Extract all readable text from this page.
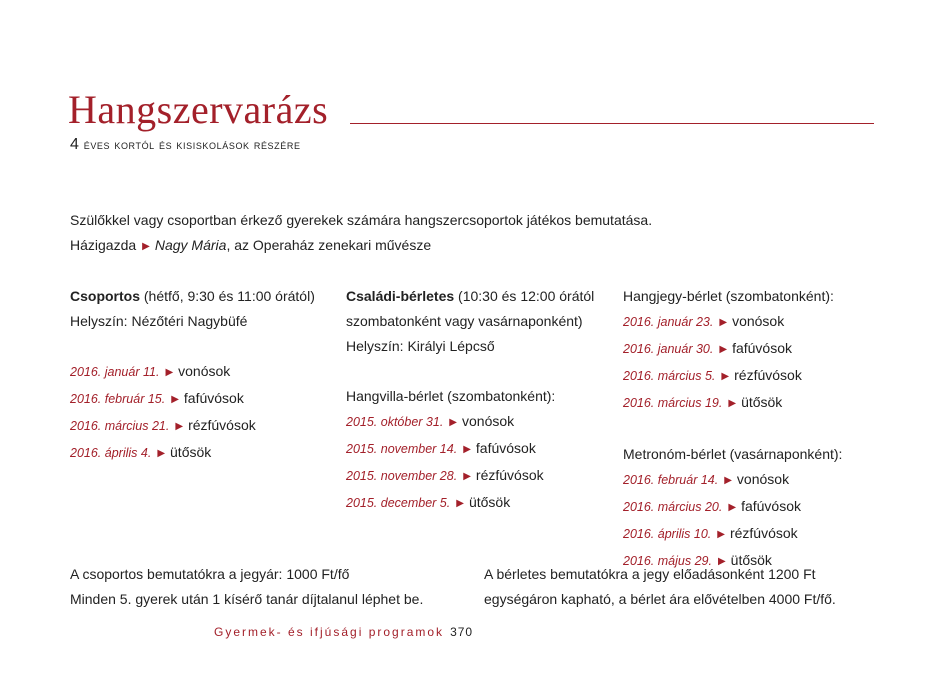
Hangszervarázs
4 éves kortól és kisiskolások részére
Szülőkkel vagy csoportban érkező gyerekek számára hangszercsoportok játékos bemutatása.
Házigazda ▶ Nagy Mária, az Operaház zenekari művésze
Csoportos (hétfő, 9:30 és 11:00 órától)
Helyszín: Nézőtéri Nagybüfé
2016. január 11. ▶ vonósok
2016. február 15. ▶ fafúvósok
2016. március 21. ▶ rézfúvósok
2016. április 4. ▶ ütősök
Családi-bérletes (10:30 és 12:00 órától
szombatonként vagy vasárnaponként)
Helyszín: Királyi Lépcső
Hangvilla-bérlet (szombatonként):
2015. október 31. ▶ vonósok
2015. november 14. ▶ fafúvósok
2015. november 28. ▶ rézfúvósok
2015. december 5. ▶ ütősök
Hangjegy-bérlet (szombatonként):
2016. január 23. ▶ vonósok
2016. január 30. ▶ fafúvósok
2016. március 5. ▶ rézfúvósok
2016. március 19. ▶ ütősök
Metronóm-bérlet (vasárnaponként):
2016. február 14. ▶ vonósok
2016. március 20. ▶ fafúvósok
2016. április 10. ▶ rézfúvósok
2016. május 29. ▶ ütősök
A csoportos bemutatókra a jegyár: 1000 Ft/fő
Minden 5. gyerek után 1 kísérő tanár díjtalanul léphet be.
A bérletes bemutatókra a jegy előadásonként 1200 Ft
egységáron kapható, a bérlet ára elővételben 4000 Ft/fő.
Gyermek- és ifjúsági programok 370
